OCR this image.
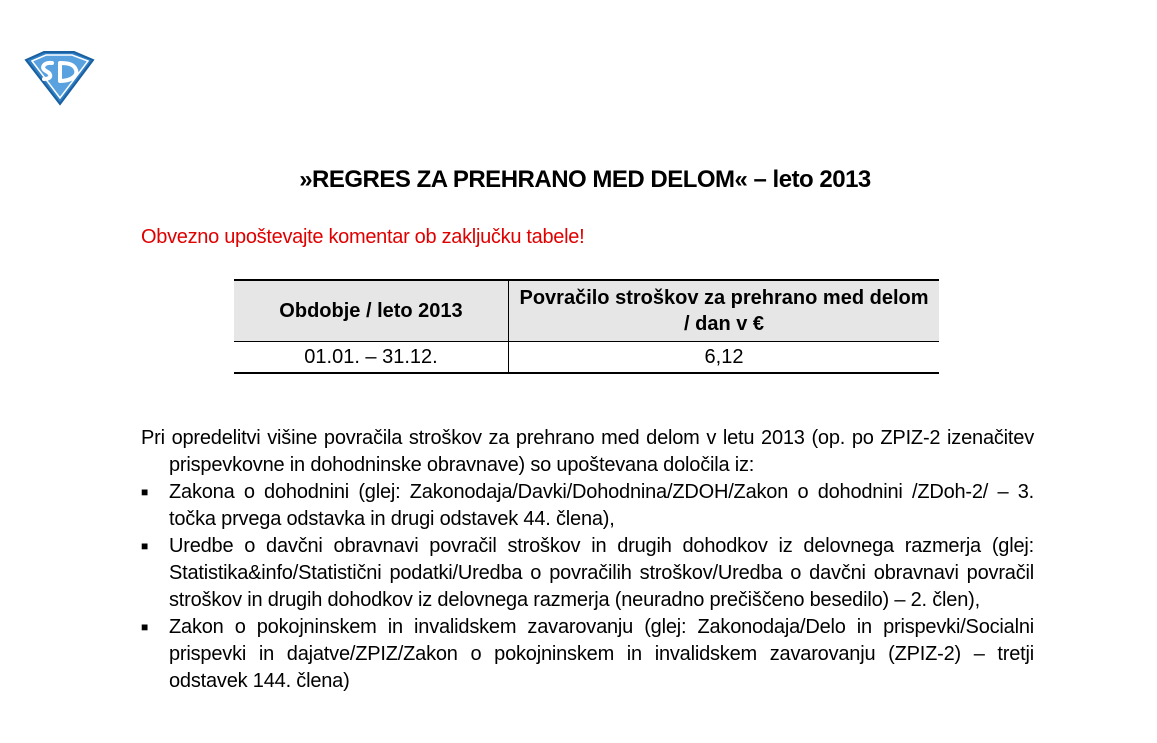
»REGRES ZA PREHRANO MED DELOM« – leto 2013
Obvezno upoštevajte komentar ob zaključku tabele!
Obdobje / leto 2013	Povračilo stroškov za prehrano med delom / dan v €
01.01. – 31.12.	6,12

Pri opredelitvi višine povračila stroškov za prehrano med delom v letu 2013 (op. po ZPIZ-2 izenačitev prispevkovne in dohodninske obravnave) so upoštevana določila iz:

■ Zakona o dohodnini (glej: Zakonodaja/Davki/Dohodnina/ZDOH/Zakon o dohodnini /ZDoh-2/ – 3. točka prvega odstavka in drugi odstavek 44. člena),
■ Uredbe o davčni obravnavi povračil stroškov in drugih dohodkov iz delovnega razmerja (glej: Statistika&info/Statistični podatki/Uredba o povračilih stroškov/Uredba o davčni obravnavi povračil stroškov in drugih dohodkov iz delovnega razmerja (neuradno prečiščeno besedilo) – 2. člen),
■ Zakon o pokojninskem in invalidskem zavarovanju (glej: Zakonodaja/Delo in prispevki/Socialni prispevki in dajatve/ZPIZ/Zakon o pokojninskem in invalidskem zavarovanju (ZPIZ-2) – tretji odstavek 144. člena)
